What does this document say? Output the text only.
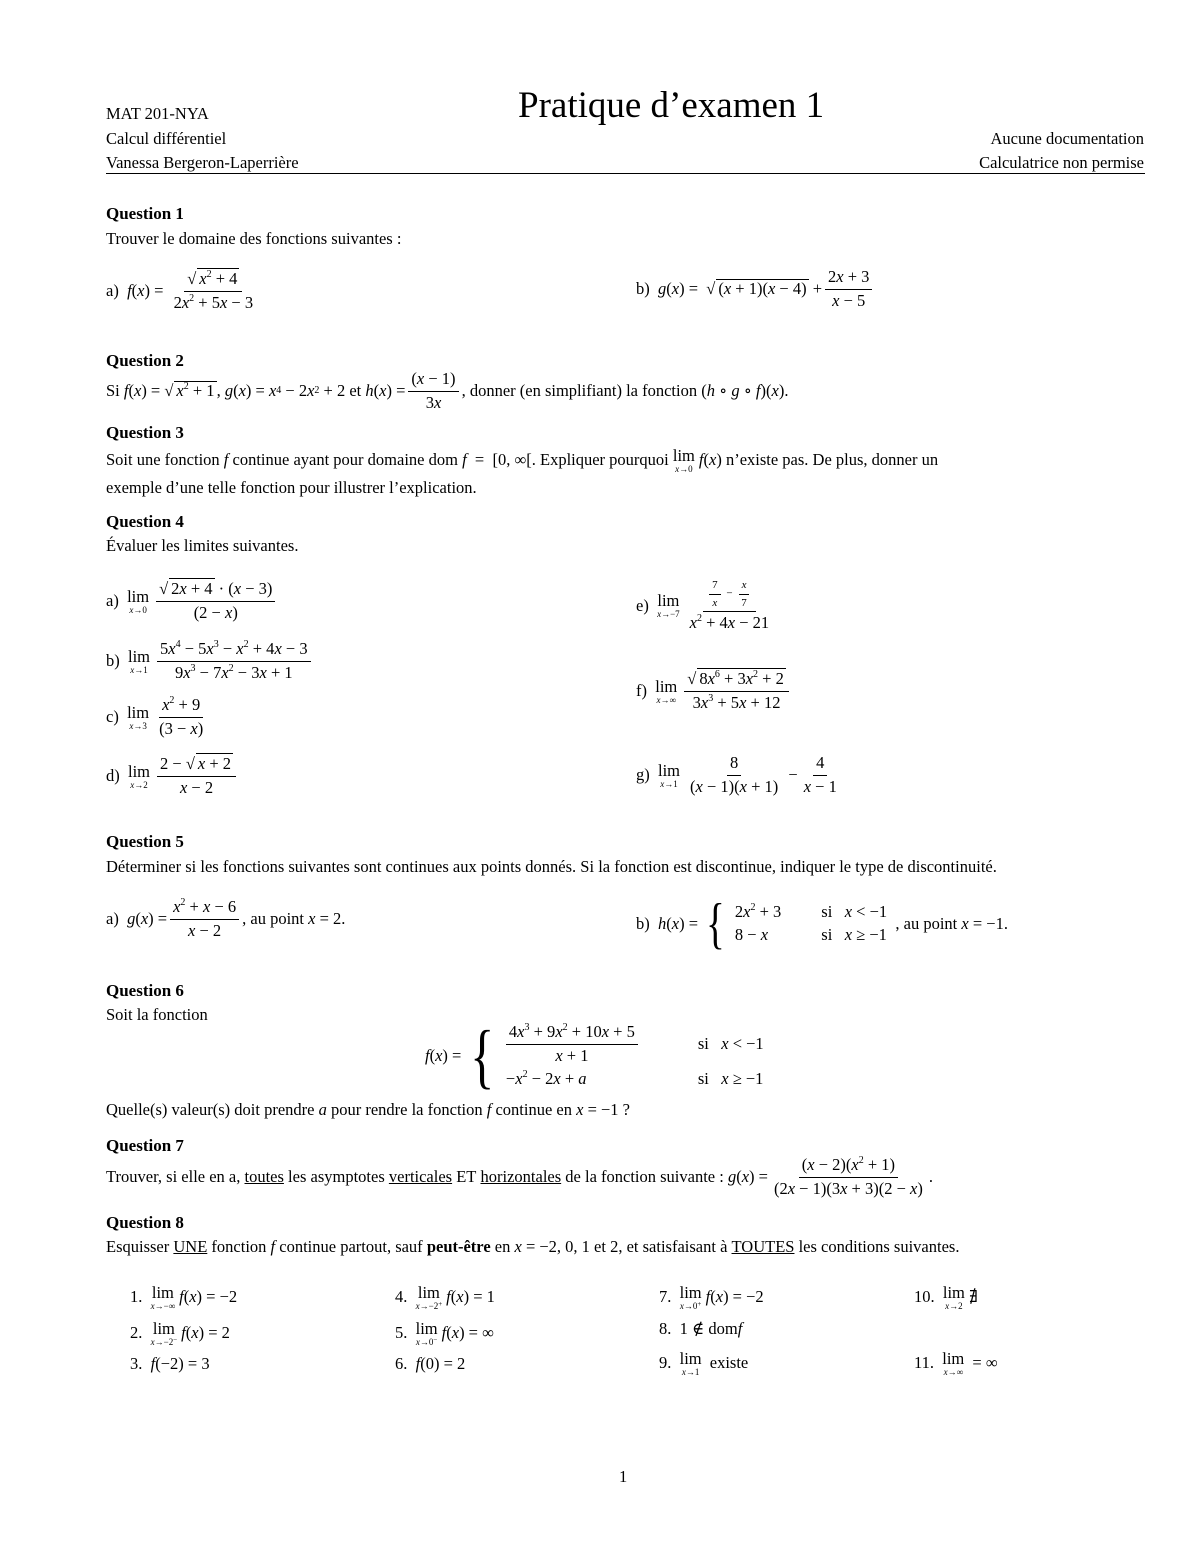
MAT 201-NYA	Pratique d’examen 1
Calcul différentiel	Aucune documentation
Vanessa Bergeron-Laperrière	Calculatrice non permise
Question 1
Trouver le domaine des fonctions suivantes :
a)
f ( x ) = $\frac{√ x^2 + 4}{2x^2 + 5x - 3}$	b)
g ( x ) =  √ $(x + 1)(x - 4) + \frac{2x + 3}{x - 5}$
Question 2
Si
f ( x ) = √ $x^2 + 1$ , g ( x ) = x 4 − 2 x 2 + 2 et
h ( x ) = $\frac{(x - 1)}{3x}$ , donner (en simplifiant) la fonction ( h ∘ g ∘ f )( x ).
Question 3
Soit une fonction
f
continue ayant pour domaine dom
f =  [0, ∞[ . Expliquer pourquoi
lim
x→0 f ( x ) n’existe pas. De plus, donner un
exemple d’une telle fonction pour illustrer l’explication.
Question 4
Évaluer les limites suivantes.
a)
lim
$x\to 0 \frac{√ 2x + 4 \cdot (x - 3)}{(2 - x)}$
b)
lim
$x\to 1 \frac{5x^4 - 5x^3 - x^2 + 4x - 3}{9x^3 - 7x^2 - 3x + 1}$
c)
lim
$x\to 3 \frac{x^2 + 9}{(3 - x)}$
d)
lim
$x\to 2 \frac{2 - √ x + 2}{x - 2}$
e)
lim
$x\to-7 \frac{\frac{7}{x} - \frac{x}{7}}{x^2 + 4x - 21}$
f)
lim
$x\to\infty \frac{√ 8x^6 + 3x^2 + 2}{3x^3 + 5x + 12}$
g)
lim
$x\to 1 \frac{8}{(x - 1)(x + 1)} - \frac{4}{x - 1}$
Question 5
Déterminer si les fonctions suivantes sont continues aux points donnés. Si la fonction est discontinue, indiquer le type de discontinuité.
a)
g ( x ) = $\frac{x^2 + x - 6}{x - 2}$ , au point
x = 2.	b)
h ( x ) = { $2x^2 + 3$ si x < −1
8 − x	si x ≥ −1

, au point
x = −1.
Question 6
Soit la fonction
f ( x ) = { $\frac{4x^3 + 9x^2 + 10x + 5}{x + 1}$	si x < −1
$-x^2 - 2x + a$	si x ≥ −1
Quelle(s) valeur(s) doit prendre
a
pour rendre la fonction
f
continue en
x = −1 ?
Question 7
Trouver, si elle en a,
toutes
les asymptotes
verticales
ET
horizontales
de la fonction suivante :
g ( x ) = $\frac{(x - 2)(x^2 + 1)}{(2x - 1)(3x + 3)(2 - x)}$ .
Question 8
Esquisser
UNE
fonction
f
continue partout, sauf
peut-être
en
x = −2, 0, 1 et 2 , et satisfaisant à
TOUTES
les conditions suivantes.
1. lim
x→−∞ f ( x ) = −2
2. lim
x→−2− f ( x ) = 2
3. f (−2) = 3
4. lim
x→−2+ f ( x ) = 1
5. lim
x→0− f ( x ) = ∞
6. f (0) = 2
7. lim
x→0+ f ( x ) = −2
8.  1 ∉ dom f
9. lim
x→1
existe
10. lim
x→2 ∄
11. lim
x→∞ = ∞
1
